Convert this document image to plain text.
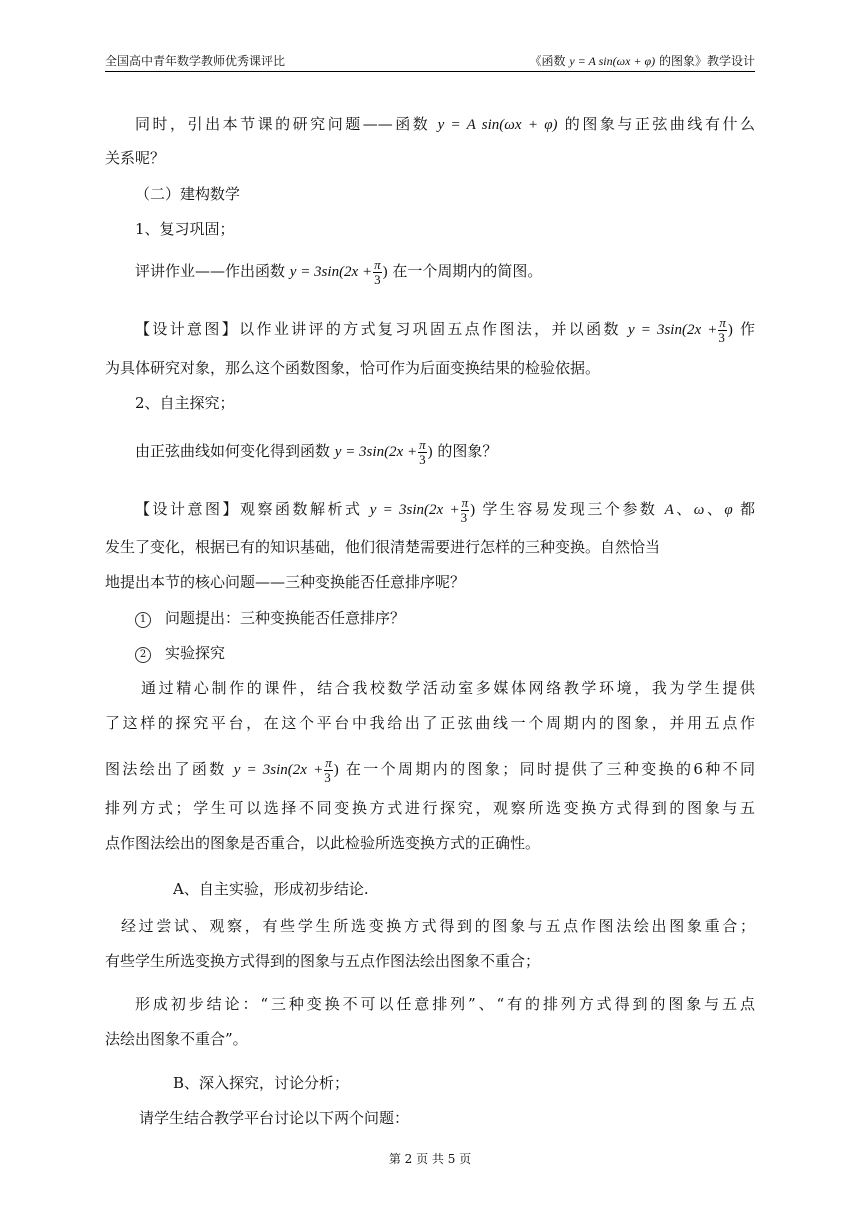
全国高中青年数学教师优秀课评比	《函数 y = A sin(ωx + φ) 的图象》教学设计
同时，引出本节课的研究问题——函数 y = A sin(ωx + φ) 的图象与正弦曲线有什么
关系呢？
（二）建构数学
1、复习巩固；
评讲作业——作出函数 $y = 3\sin(2x + \frac{\pi}{3}$ ) 在一个周期内的简图。
【设计意图】以作业讲评的方式复习巩固五点作图法，并以函数 $y = 3\sin(2x + \frac{\pi}{3}$ ) 作
为具体研究对象，那么这个函数图象，恰可作为后面变换结果的检验依据。
2、自主探究；
由正弦曲线如何变化得到函数 $y = 3\sin(2x + \frac{\pi}{3}$ ) 的图象？
【设计意图】观察函数解析式 $y = 3\sin(2x + \frac{\pi}{3}$ ) 学生容易发现三个参数 A、ω、φ 都
发生了变化，根据已有的知识基础，他们很清楚需要进行怎样的三种变换。自然恰当
地提出本节的核心问题——三种变换能否任意排序呢？
1 问题提出：三种变换能否任意排序？
2 实验探究
通过精心制作的课件，结合我校数学活动室多媒体网络教学环境，我为学生提供
了这样的探究平台，在这个平台中我给出了正弦曲线一个周期内的图象，并用五点作
图法绘出了函数 $y = 3\sin(2x + \frac{\pi}{3}$ ) 在一个周期内的图象；同时提供了三种变换的6种不同
排列方式；学生可以选择不同变换方式进行探究，观察所选变换方式得到的图象与五
点作图法绘出的图象是否重合，以此检验所选变换方式的正确性。
A、自主实验，形成初步结论.
经过尝试、观察，有些学生所选变换方式得到的图象与五点作图法绘出图象重合；
有些学生所选变换方式得到的图象与五点作图法绘出图象不重合；
形成初步结论：“三种变换不可以任意排列”、“有的排列方式得到的图象与五点
法绘出图象不重合”。
B、深入探究，讨论分析；
请学生结合教学平台讨论以下两个问题：
第 2 页 共 5 页
